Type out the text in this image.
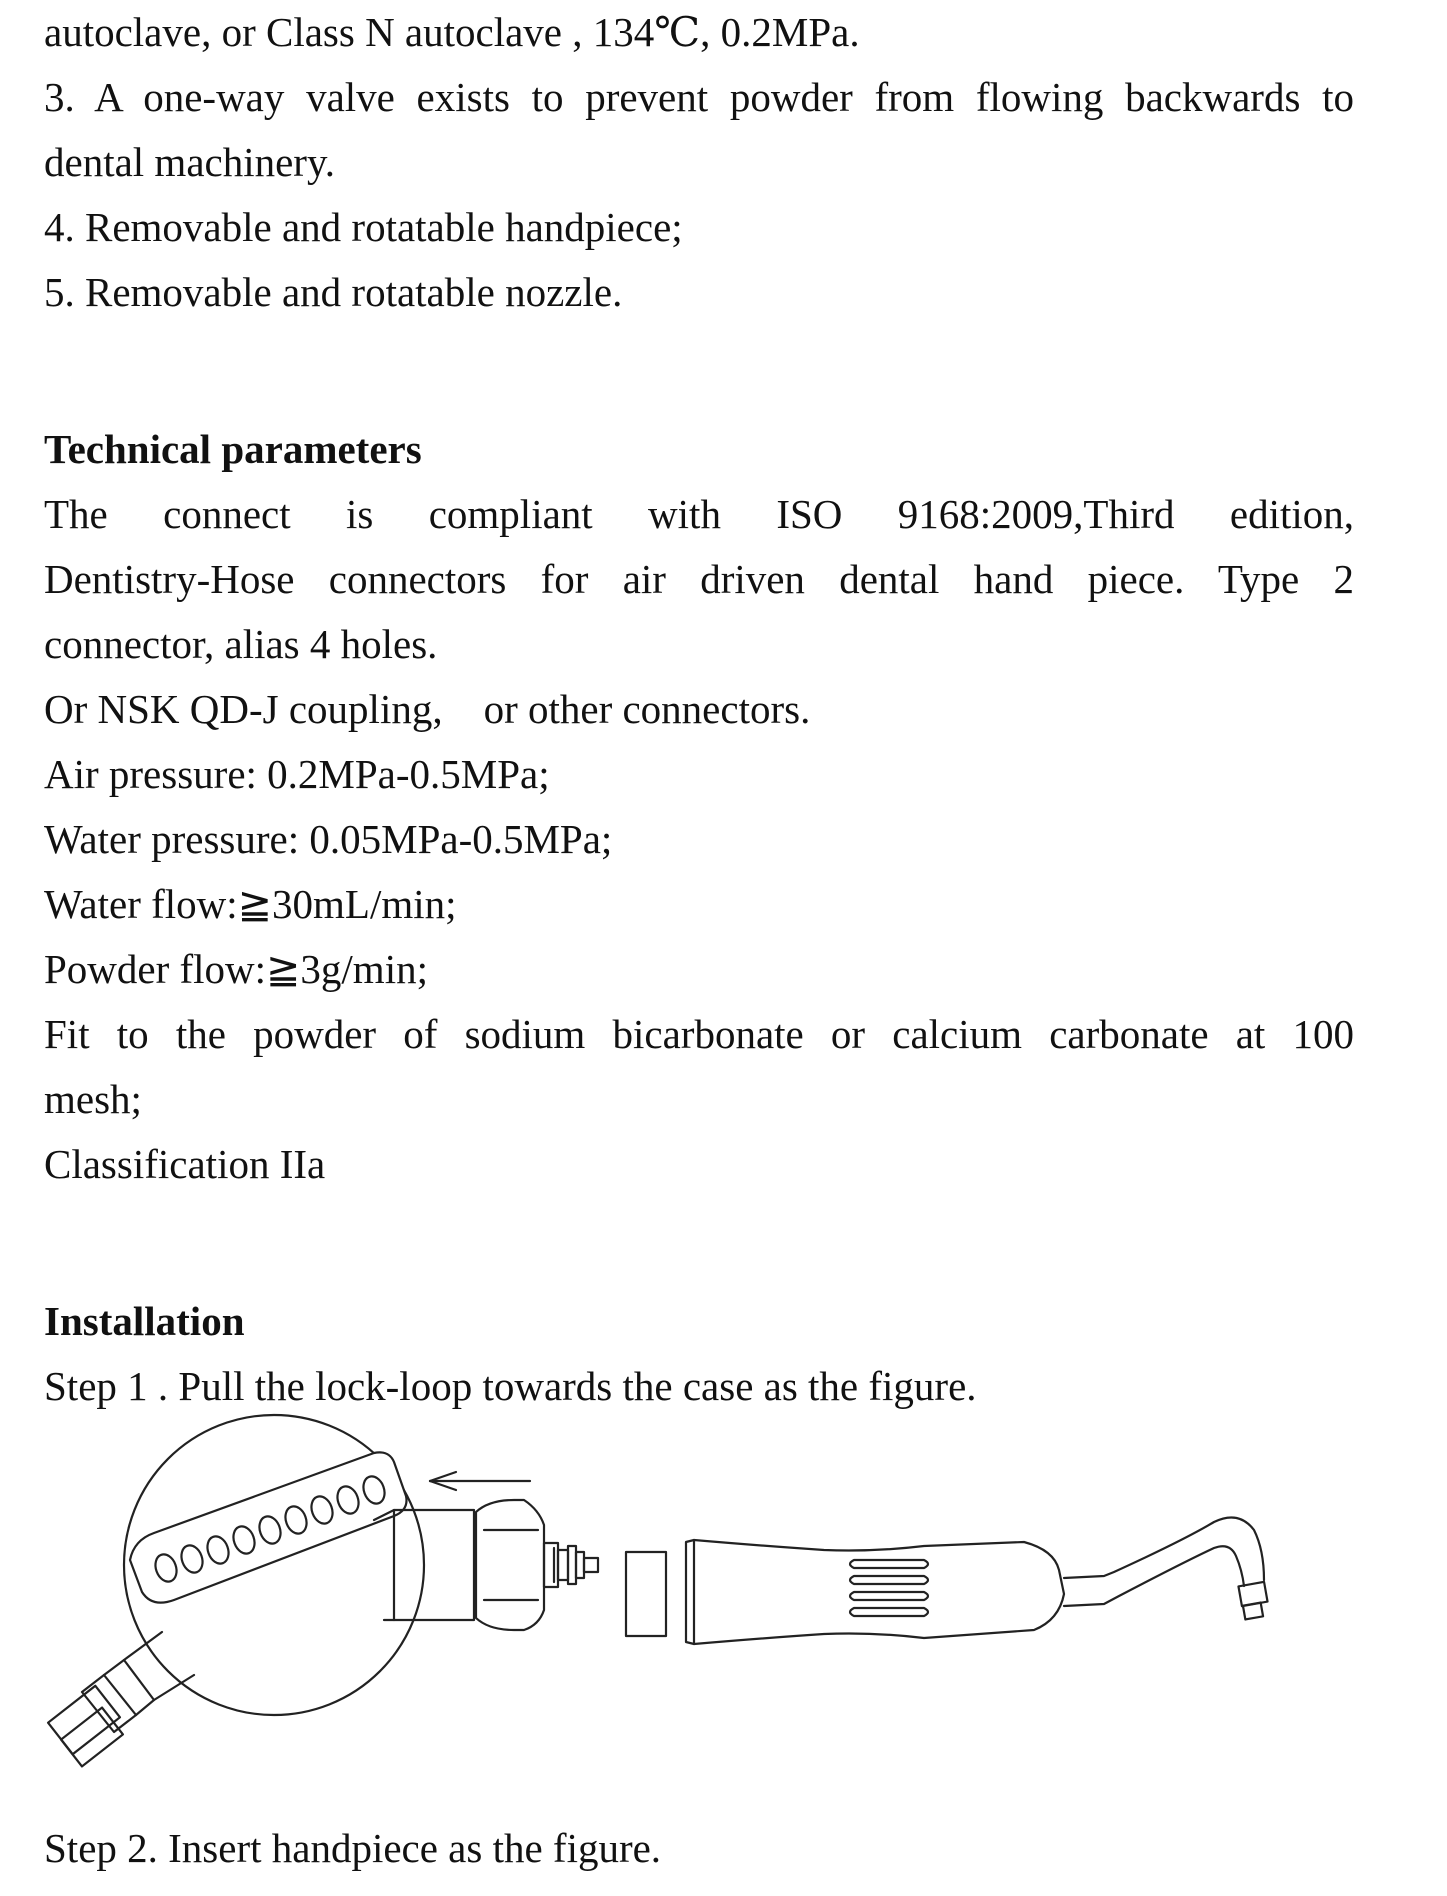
autoclave, or Class N autoclave , 134℃, 0.2MPa.
3. A one-way valve exists to prevent powder from flowing backwards to
dental machinery.
4. Removable and rotatable handpiece;
5. Removable and rotatable nozzle.
Technical parameters
The connect is compliant with ISO 9168:2009,Third edition,
Dentistry-Hose connectors for air driven dental hand piece. Type 2
connector, alias 4 holes.
Or NSK QD-J coupling,    or other connectors.
Air pressure: 0.2MPa-0.5MPa;
Water pressure: 0.05MPa-0.5MPa;
Water flow:≧30mL/min;
Powder flow:≧3g/min;
Fit to the powder of sodium bicarbonate or calcium carbonate at 100
mesh;
Classification IIa
Installation
Step 1 . Pull the lock-loop towards the case as the figure.
Step 2. Insert handpiece as the figure.
